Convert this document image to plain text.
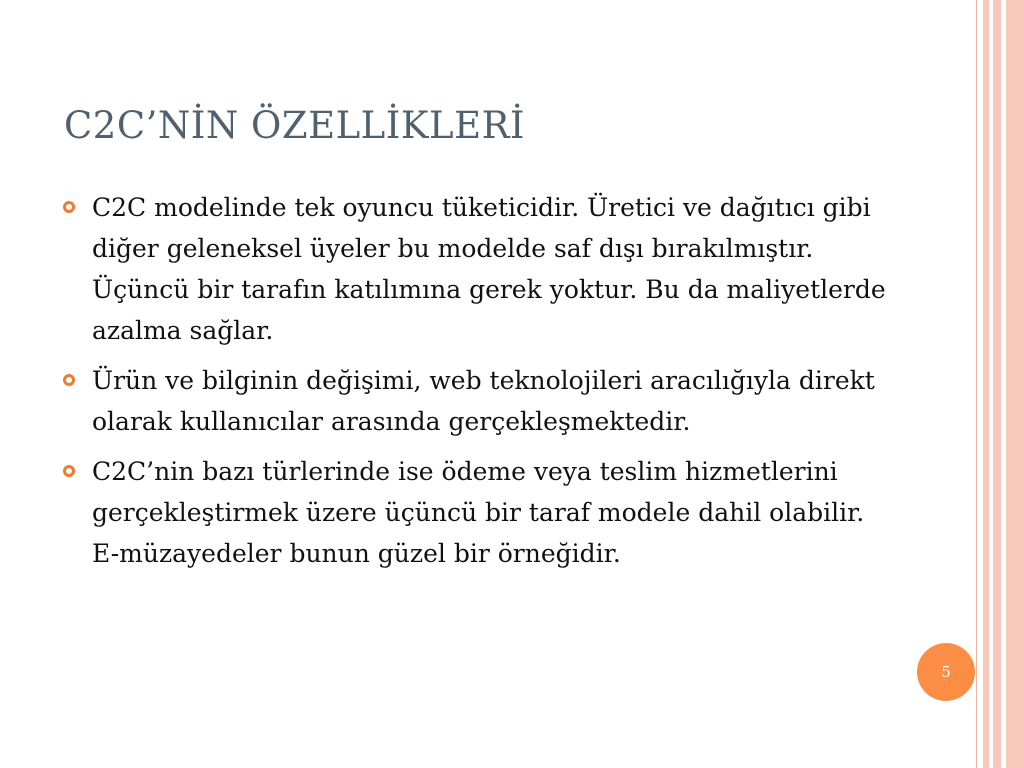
C2C’NİN ÖZELLİKLERİ
C2C modelinde tek oyuncu tüketicidir. Üretici ve dağıtıcı gibi diğer geleneksel üyeler bu modelde saf dışı bırakılmıştır. Üçüncü bir tarafın katılımına gerek yoktur. Bu da maliyetlerde azalma sağlar.
Ürün ve bilginin değişimi, web teknolojileri aracılığıyla direkt olarak kullanıcılar arasında gerçekleşmektedir.
C2C’nin bazı türlerinde ise ödeme veya teslim hizmetlerini gerçekleştirmek üzere üçüncü bir taraf modele dahil olabilir. E-müzayedeler bunun güzel bir örneğidir.
5
